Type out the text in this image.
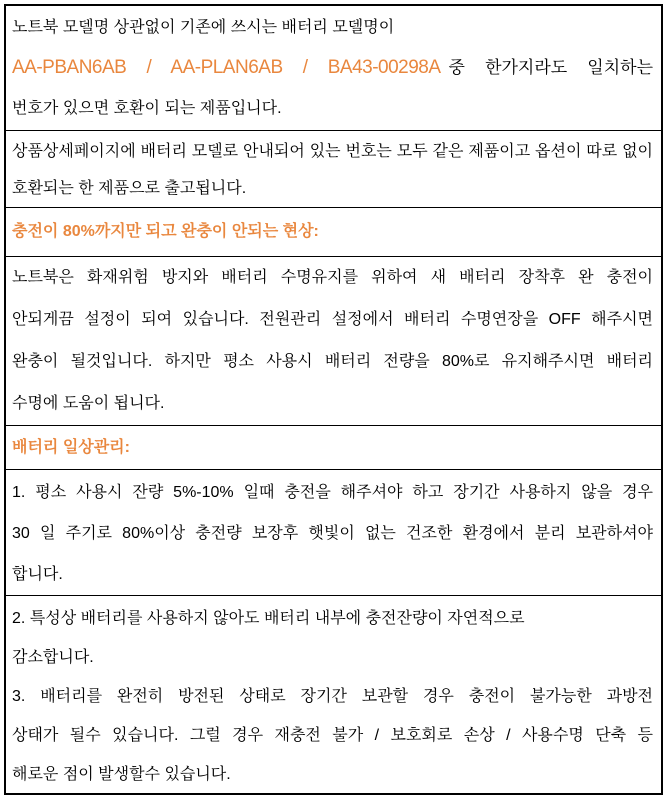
노트북 모델명 상관없이 기존에 쓰시는 배터리 모델명이
AA-PBAN6AB / AA-PLAN6AB / BA43-00298A 중 한가지라도 일치하는
번호가 있으면 호환이 되는 제품입니다.
상품상세페이지에 배터리 모델로 안내되어 있는 번호는 모두 같은 제품이고 옵션이 따로 없이
호환되는 한 제품으로 출고됩니다.
충전이 80%까지만 되고 완충이 안되는 현상:
노트북은 화재위험 방지와 배터리 수명유지를 위하여 새 배터리 장착후 완 충전이
안되게끔 설정이 되여 있습니다. 전원관리 설정에서 배터리 수명연장을 OFF 해주시면
완충이 될것입니다. 하지만 평소 사용시 배터리 전량을 80%로 유지해주시면 배터리
수명에 도움이 됩니다.
배터리 일상관리:
1. 평소 사용시 잔량 5%-10% 일때 충전을 해주셔야 하고 장기간 사용하지 않을 경우
30 일 주기로 80%이상 충전량 보장후 햇빛이 없는 건조한 환경에서 분리 보관하셔야
합니다.
2. 특성상 배터리를 사용하지 않아도 배터리 내부에 충전잔량이 자연적으로
감소합니다.
3. 배터리를 완전히 방전된 상태로 장기간 보관할 경우 충전이 불가능한 과방전
상태가 될수 있습니다. 그럴 경우 재충전 불가 / 보호회로 손상 / 사용수명 단축 등
해로운 점이 발생할수 있습니다.
